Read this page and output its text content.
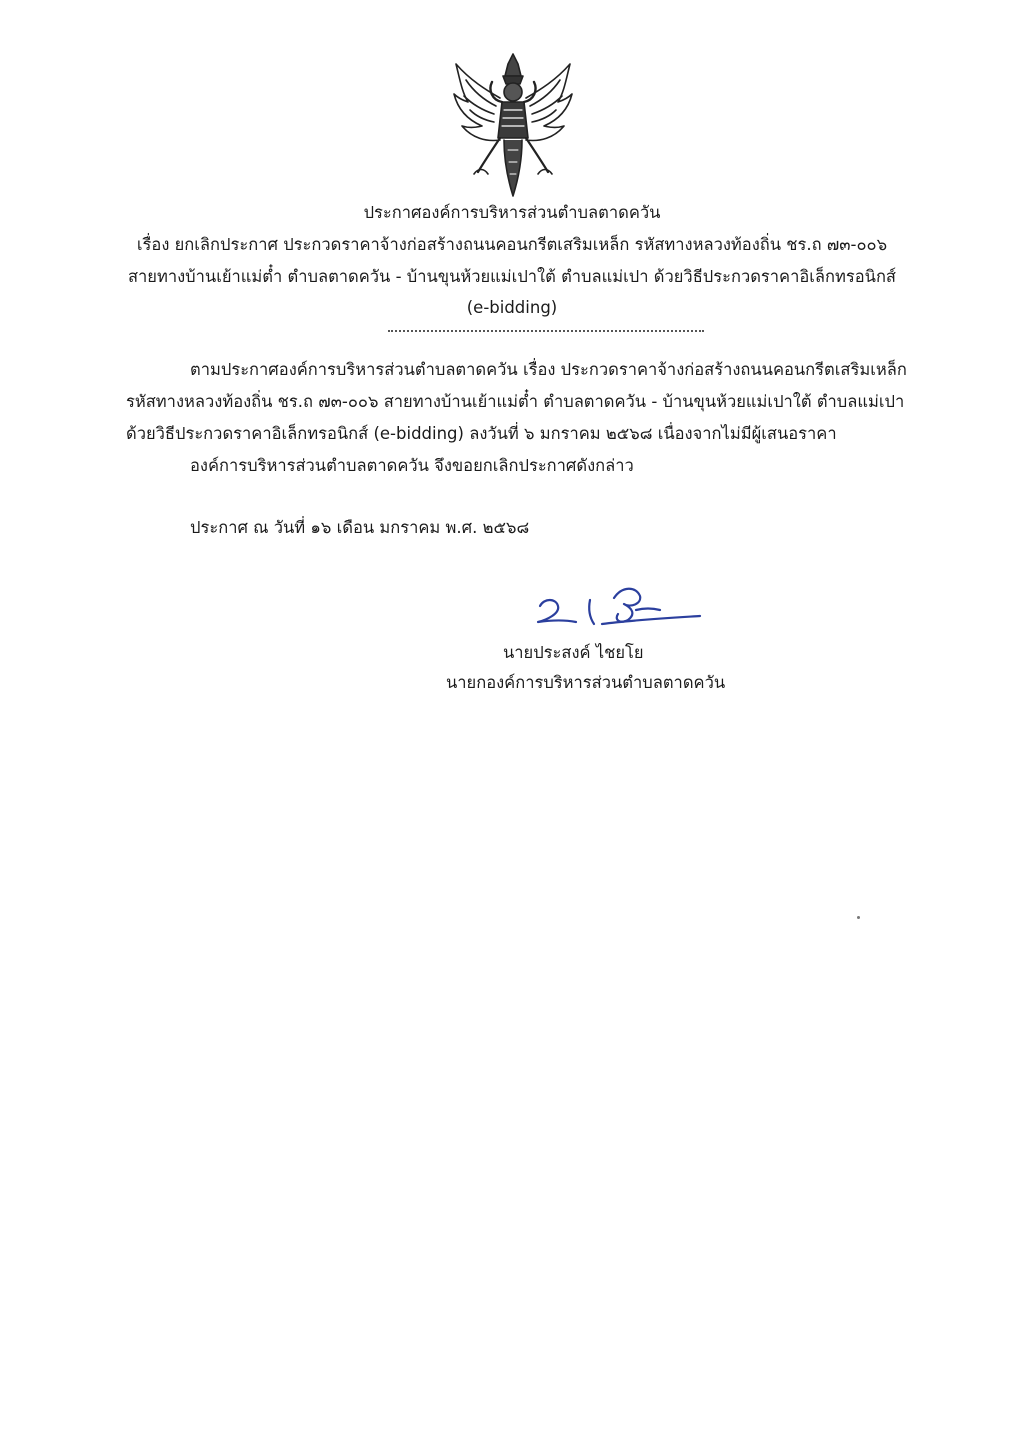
ประกาศองค์การบริหารส่วนตำบลตาดควัน
เรื่อง ยกเลิกประกาศ ประกวดราคาจ้างก่อสร้างถนนคอนกรีตเสริมเหล็ก รหัสทางหลวงท้องถิ่น ชร.ถ ๗๓-๐๐๖
สายทางบ้านเย้าแม่ต๋ำ ตำบลตาดควัน - บ้านขุนห้วยแม่เปาใต้ ตำบลแม่เปา ด้วยวิธีประกวดราคาอิเล็กทรอนิกส์
(e-bidding)
ตามประกาศองค์การบริหารส่วนตำบลตาดควัน เรื่อง ประกวดราคาจ้างก่อสร้างถนนคอนกรีตเสริมเหล็ก
รหัสทางหลวงท้องถิ่น ชร.ถ ๗๓-๐๐๖ สายทางบ้านเย้าแม่ต๋ำ ตำบลตาดควัน - บ้านขุนห้วยแม่เปาใต้ ตำบลแม่เปา
ด้วยวิธีประกวดราคาอิเล็กทรอนิกส์ (e-bidding) ลงวันที่ ๖ มกราคม ๒๕๖๘ เนื่องจากไม่มีผู้เสนอราคา
องค์การบริหารส่วนตำบลตาดควัน จึงขอยกเลิกประกาศดังกล่าว
ประกาศ ณ วันที่ ๑๖ เดือน มกราคม พ.ศ. ๒๕๖๘
นายประสงค์ ไชยโย
นายกองค์การบริหารส่วนตำบลตาดควัน
